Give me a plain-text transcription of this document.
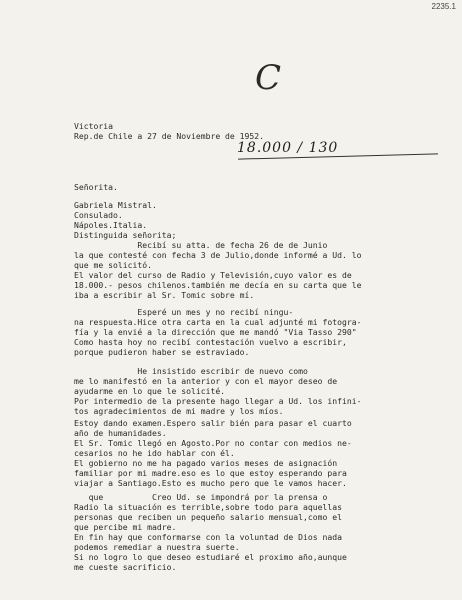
2235.1
C
18.000 / 130
Victoria
Rep.de Chile a 27 de Noviembre de 1952.
Señorita.
Gabriela Mistral.
Consulado.
Nápoles.Italia.
Distinguida señorita;
Recibí su atta. de fecha 26 de de Junio
la que contesté con fecha 3 de Julio,donde informé a Ud. lo
que me solicitó.
El valor del curso de Radio y Televisión,cuyo valor es de
18.000.- pesos chilenos.también me decía en su carta que le
iba a escribir al Sr. Tomic sobre mí.
Esperé un mes y no recibí ningu-
na respuesta.Hice otra carta en la cual adjunté mi fotogra-
fía y la envié a la dirección que me mandó "Via Tasso 290"
Como hasta hoy no recibí contestación vuelvo a escribir,
porque pudieron haber se estraviado.
He insistido escribir de nuevo como
me lo manifestó en la anterior y con el mayor deseo de
ayudarme en lo que le solicité.
Por intermedio de la presente hago llegar a Ud. los infini-
tos agradecimientos de mi madre y los míos.
Estoy dando examen.Espero salir bién para pasar el cuarto
año de humanidades.
El Sr. Tomic llegó en Agosto.Por no contar con medios ne-
cesarios no he ido hablar con él.
El gobierno no me ha pagado varios meses de asignación
familiar por mi madre.eso es lo que estoy esperando para
viajar a Santiago.Esto es mucho pero que le vamos hacer.
que          Creo Ud. se impondrá por la prensa o
Radio la situación es terrible,sobre todo para aquellas
personas que reciben un pequeño salario mensual,como el
que percibe mi madre.
En fin hay que conformarse con la voluntad de Dios nada
podemos remediar a nuestra suerte.
Si no logro lo que deseo estudiaré el proximo año,aunque
me cueste sacrificio.
